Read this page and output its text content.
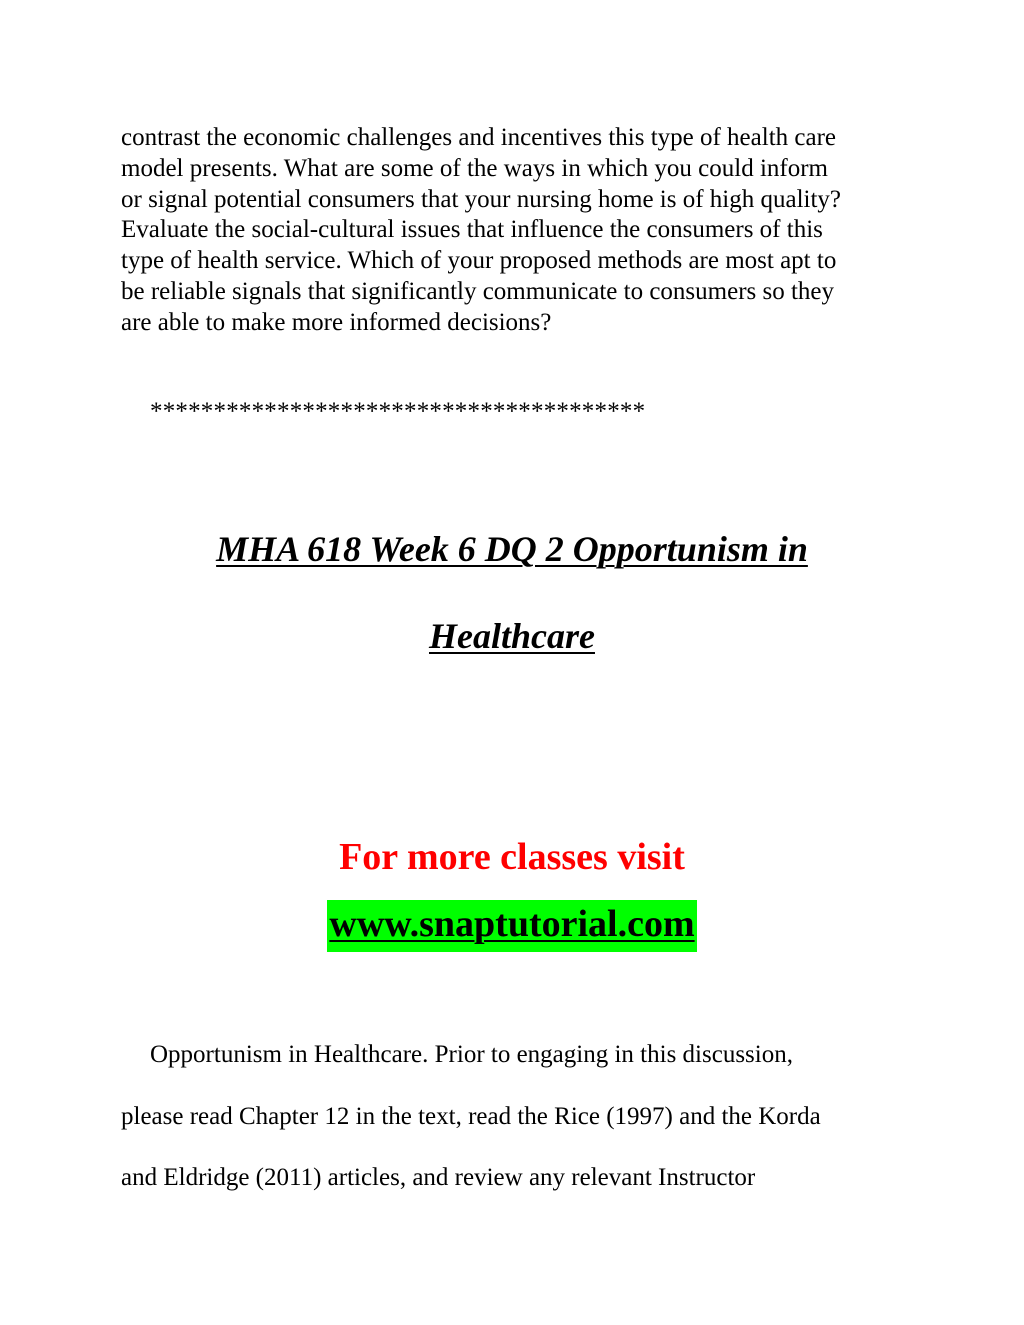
contrast the economic challenges and incentives this type of health care
model presents. What are some of the ways in which you could inform
or signal potential consumers that your nursing home is of high quality?
Evaluate the social-cultural issues that influence the consumers of this
type of health service. Which of your proposed methods are most apt to
be reliable signals that significantly communicate to consumers so they
are able to make more informed decisions?

***************************************

MHA 618 Week 6 DQ 2 Opportunism in
Healthcare

For more classes visit

www.snaptutorial.com

Opportunism in Healthcare. Prior to engaging in this discussion,
please read Chapter 12 in the text, read the Rice (1997) and the Korda
and Eldridge (2011) articles, and review any relevant Instructor
